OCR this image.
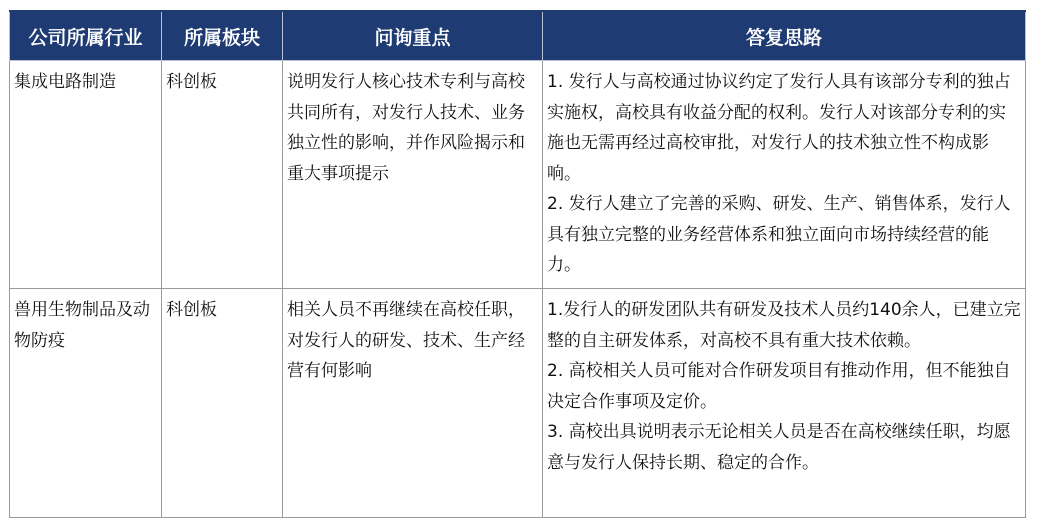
公司所属行业	所属板块	问询重点	答复思路
集成电路制造	科创板	说明发行人核心技术专利与高校共同所有，对发行人技术、业务独立性的影响，并作风险揭示和重大事项提示	1. 发行人与高校通过协议约定了发行人具有该部分专利的独占实施权，高校具有收益分配的权利。发行人对该部分专利的实施也无需再经过高校审批，对发行人的技术独立性不构成影响。

2. 发行人建立了完善的采购、研发、生产、销售体系，发行人具有独立完整的业务经营体系和独立面向市场持续经营的能力。

兽用生物制品及动物防疫	科创板	相关人员不再继续在高校任职，对发行人的研发、技术、生产经营有何影响	1.发行人的研发团队共有研发及技术人员约140余人，已建立完整的自主研发体系，对高校不具有重大技术依赖。

2. 高校相关人员可能对合作研发项目有推动作用，但不能独自决定合作事项及定价。

3. 高校出具说明表示无论相关人员是否在高校继续任职，均愿意与发行人保持长期、稳定的合作。
